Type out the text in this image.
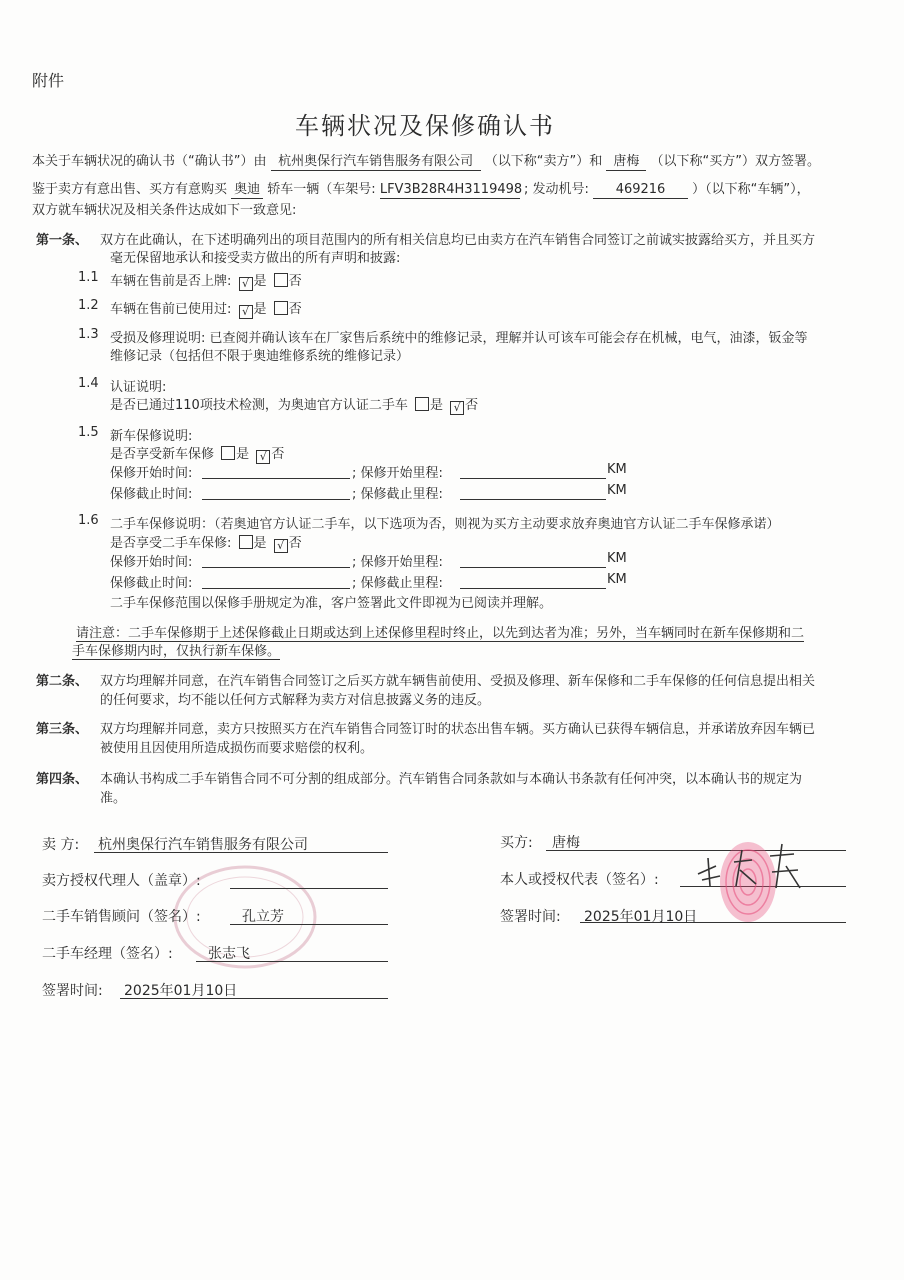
附件
车辆状况及保修确认书
本关于车辆状况的确认书（“确认书”）由 杭州奥保行汽车销售服务有限公司 （以下称“卖方”）和 唐梅 （以下称“买方”）双方签署。
鉴于卖方有意出售、买方有意购买 奥迪 轿车一辆（车架号: LFV3B28R4H3119498 ; 发动机号: 469216 ）（以下称“车辆”），
双方就车辆状况及相关条件达成如下一致意见:
第一条、 双方在此确认，在下述明确列出的项目范围内的所有相关信息均已由卖方在汽车销售合同签订之前诚实披露给买方，并且买方
毫无保留地承认和接受卖方做出的所有声明和披露:
1.1 车辆在售前是否上牌: √ 是 否
1.2 车辆在售前已使用过: √ 是 否
1.3 受损及修理说明: 已查阅并确认该车在厂家售后系统中的维修记录，理解并认可该车可能会存在机械，电气，油漆，钣金等
维修记录（包括但不限于奥迪维修系统的维修记录）
1.4 认证说明:
是否已通过110项技术检测，为奥迪官方认证二手车 是 √ 否
1.5 新车保修说明:
是否享受新车保修 是 √ 否
保修开始时间:	; 保修开始里程:	KM
保修截止时间:	; 保修截止里程:	KM
1.6 二手车保修说明：（若奥迪官方认证二手车，以下选项为否，则视为买方主动要求放弃奥迪官方认证二手车保修承诺）
是否享受二手车保修: 是 √ 否
保修开始时间:	; 保修开始里程:	KM
保修截止时间:	; 保修截止里程:	KM
二手车保修范围以保修手册规定为准，客户签署此文件即视为已阅读并理解。
请注意：二手车保修期于上述保修截止日期或达到上述保修里程时终止，以先到达者为准；另外，当车辆同时在新车保修期和二
手车保修期内时，仅执行新车保修。
第二条、 双方均理解并同意，在汽车销售合同签订之后买方就车辆售前使用、受损及修理、新车保修和二手车保修的任何信息提出相关
的任何要求，均不能以任何方式解释为卖方对信息披露义务的违反。
第三条、 双方均理解并同意，卖方只按照买方在汽车销售合同签订时的状态出售车辆。买方确认已获得车辆信息，并承诺放弃因车辆已
被使用且因使用所造成损伤而要求赔偿的权利。
第四条、 本确认书构成二手车销售合同不可分割的组成部分。汽车销售合同条款如与本确认书条款有任何冲突，以本确认书的规定为
准。
卖 方: 杭州奥保行汽车销售服务有限公司
卖方授权代理人（盖章）:
二手车销售顾问（签名）:	孔立芳
二手车经理（签名）:	张志飞
签署时间: 2025年01月10日
买方: 唐梅
本人或授权代表（签名）:
签署时间: 2025年01月10日
